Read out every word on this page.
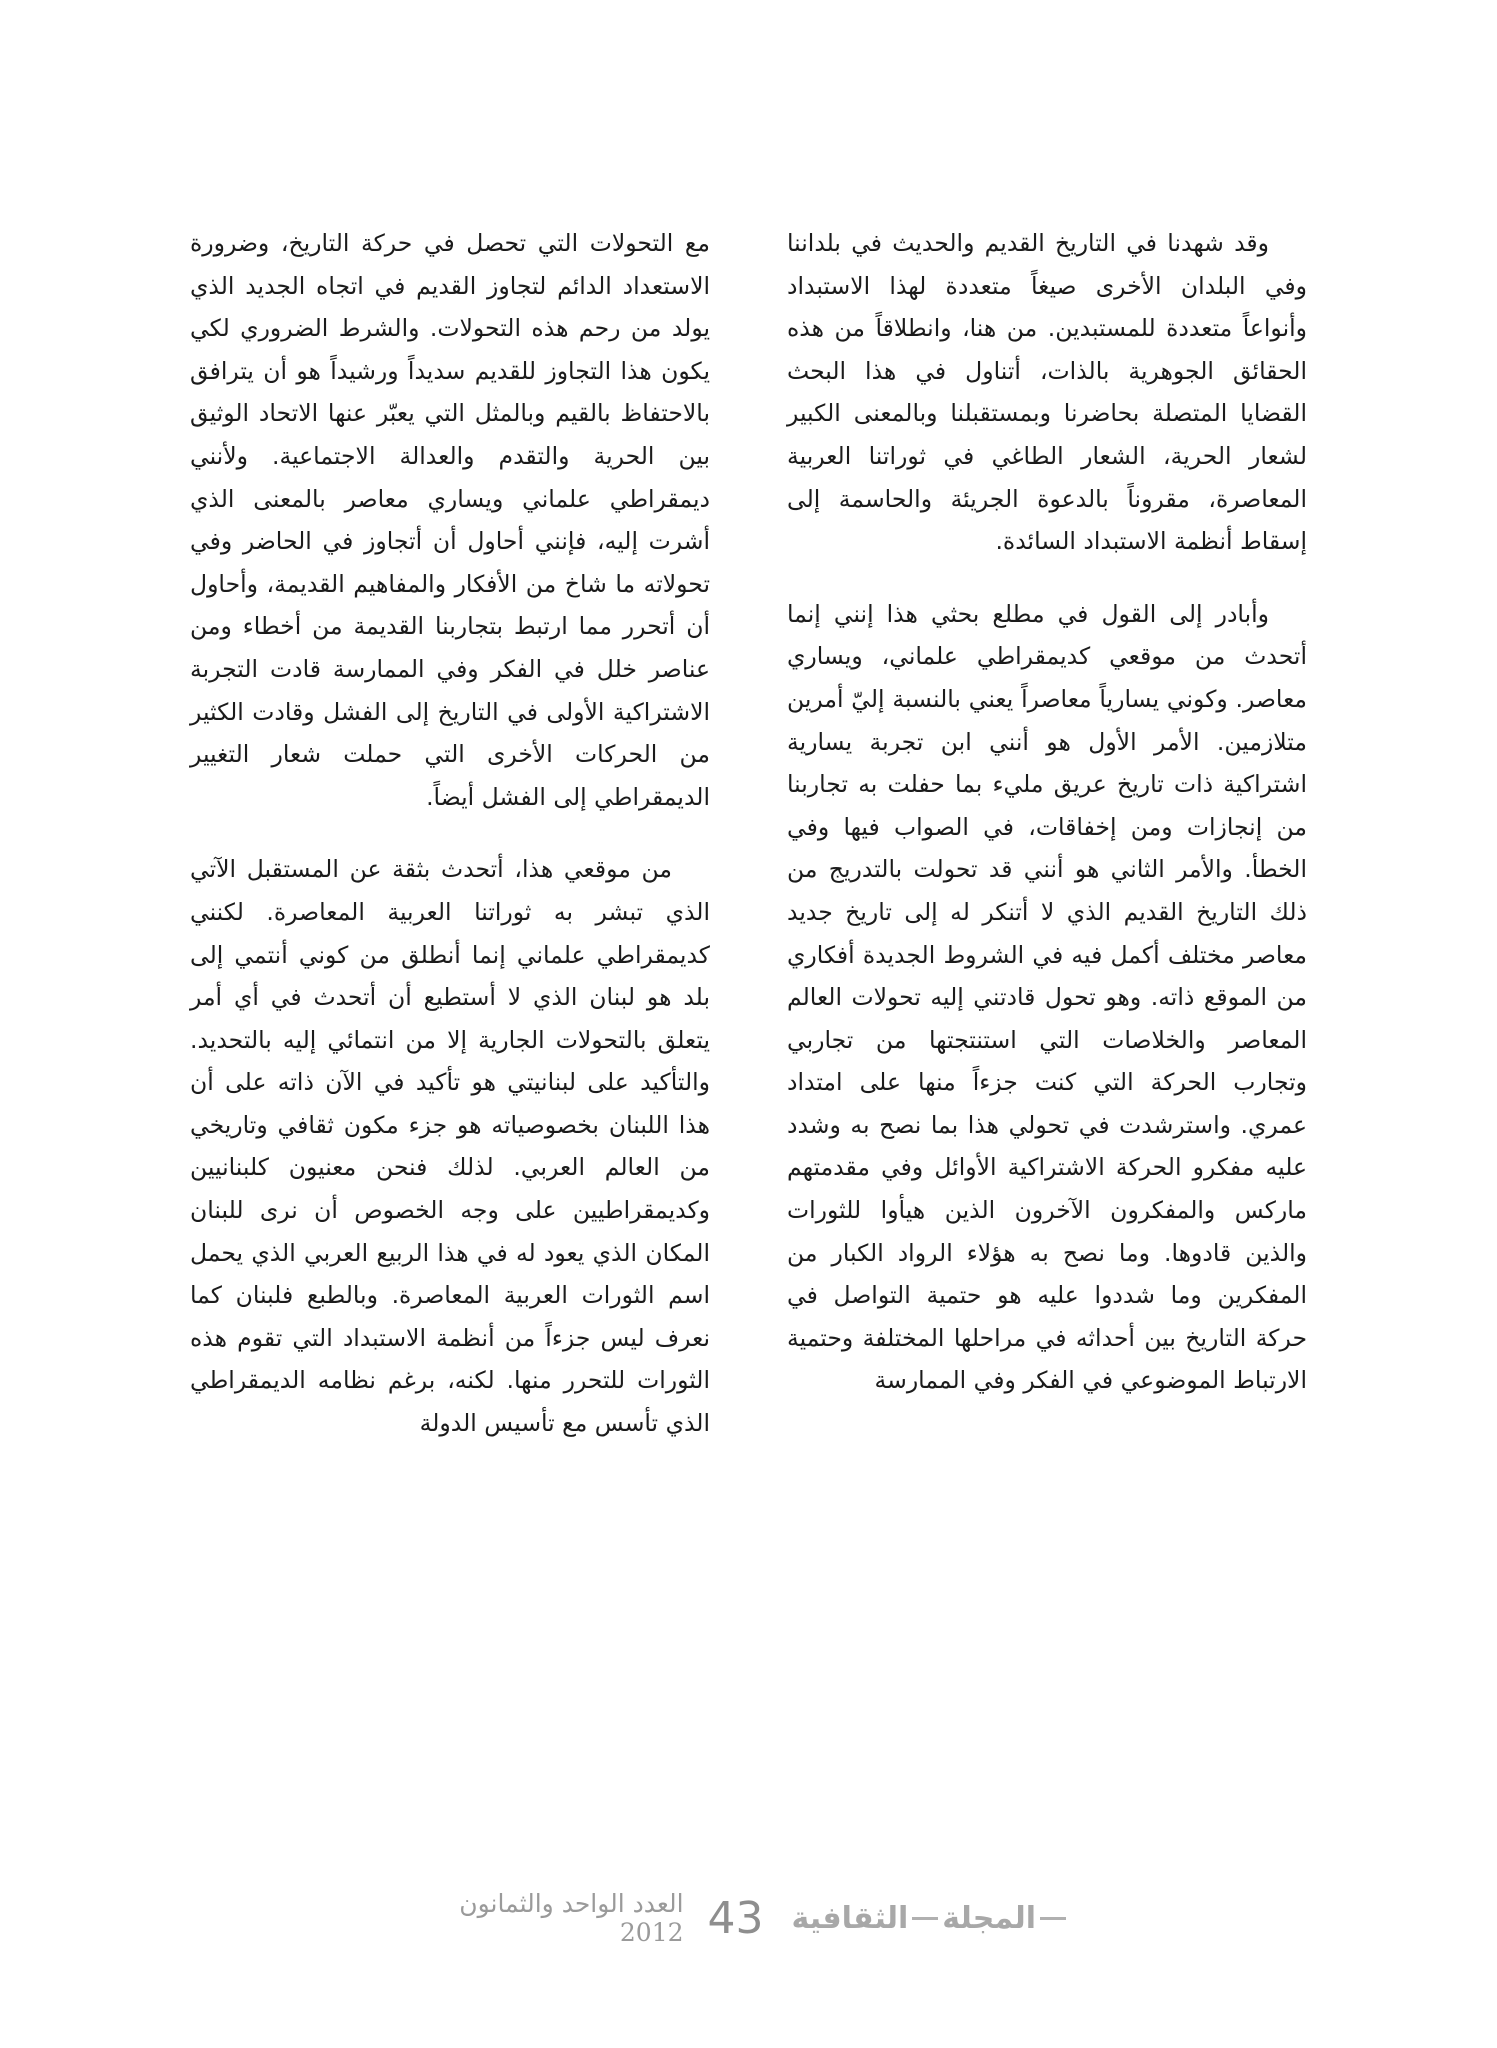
وقد شهدنا في التاريخ القديم والحديث في بلداننا وفي البلدان الأخرى صيغاً متعددة لهذا الاستبداد وأنواعاً متعددة للمستبدين. من هنا، وانطلاقاً من هذه الحقائق الجوهرية بالذات، أتناول في هذا البحث القضايا المتصلة بحاضرنا وبمستقبلنا وبالمعنى الكبير لشعار الحرية، الشعار الطاغي في ثوراتنا العربية المعاصرة، مقروناً بالدعوة الجريئة والحاسمة إلى إسقاط أنظمة الاستبداد السائدة.

وأبادر إلى القول في مطلع بحثي هذا إنني إنما أتحدث من موقعي كديمقراطي علماني، ويساري معاصر. وكوني يسارياً معاصراً يعني بالنسبة إليّ أمرين متلازمين. الأمر الأول هو أنني ابن تجربة يسارية اشتراكية ذات تاريخ عريق مليء بما حفلت به تجاربنا من إنجازات ومن إخفاقات، في الصواب فيها وفي الخطأ. والأمر الثاني هو أنني قد تحولت بالتدريج من ذلك التاريخ القديم الذي لا أتنكر له إلى تاريخ جديد معاصر مختلف أكمل فيه في الشروط الجديدة أفكاري من الموقع ذاته. وهو تحول قادتني إليه تحولات العالم المعاصر والخلاصات التي استنتجتها من تجاربي وتجارب الحركة التي كنت جزءاً منها على امتداد عمري. واسترشدت في تحولي هذا بما نصح به وشدد عليه مفكرو الحركة الاشتراكية الأوائل وفي مقدمتهم ماركس والمفكرون الآخرون الذين هيأوا للثورات والذين قادوها. وما نصح به هؤلاء الرواد الكبار من المفكرين وما شددوا عليه هو حتمية التواصل في حركة التاريخ بين أحداثه في مراحلها المختلفة وحتمية الارتباط الموضوعي في الفكر وفي الممارسة

مع التحولات التي تحصل في حركة التاريخ، وضرورة الاستعداد الدائم لتجاوز القديم في اتجاه الجديد الذي يولد من رحم هذه التحولات. والشرط الضروري لكي يكون هذا التجاوز للقديم سديداً ورشيداً هو أن يترافق بالاحتفاظ بالقيم وبالمثل التي يعبّر عنها الاتحاد الوثيق بين الحرية والتقدم والعدالة الاجتماعية. ولأنني ديمقراطي علماني ويساري معاصر بالمعنى الذي أشرت إليه، فإنني أحاول أن أتجاوز في الحاضر وفي تحولاته ما شاخ من الأفكار والمفاهيم القديمة، وأحاول أن أتحرر مما ارتبط بتجاربنا القديمة من أخطاء ومن عناصر خلل في الفكر وفي الممارسة قادت التجربة الاشتراكية الأولى في التاريخ إلى الفشل وقادت الكثير من الحركات الأخرى التي حملت شعار التغيير الديمقراطي إلى الفشل أيضاً.

من موقعي هذا، أتحدث بثقة عن المستقبل الآتي الذي تبشر به ثوراتنا العربية المعاصرة. لكنني كديمقراطي علماني إنما أنطلق من كوني أنتمي إلى بلد هو لبنان الذي لا أستطيع أن أتحدث في أي أمر يتعلق بالتحولات الجارية إلا من انتمائي إليه بالتحديد. والتأكيد على لبنانيتي هو تأكيد في الآن ذاته على أن هذا اللبنان بخصوصياته هو جزء مكون ثقافي وتاريخي من العالم العربي. لذلك فنحن معنيون كلبنانيين وكديمقراطيين على وجه الخصوص أن نرى للبنان المكان الذي يعود له في هذا الربيع العربي الذي يحمل اسم الثورات العربية المعاصرة. وبالطبع فلبنان كما نعرف ليس جزءاً من أنظمة الاستبداد التي تقوم هذه الثورات للتحرر منها. لكنه، برغم نظامه الديمقراطي الذي تأسس مع تأسيس الدولة

المجلة
الثقافية
43
العدد الواحد والثمانون 2012
